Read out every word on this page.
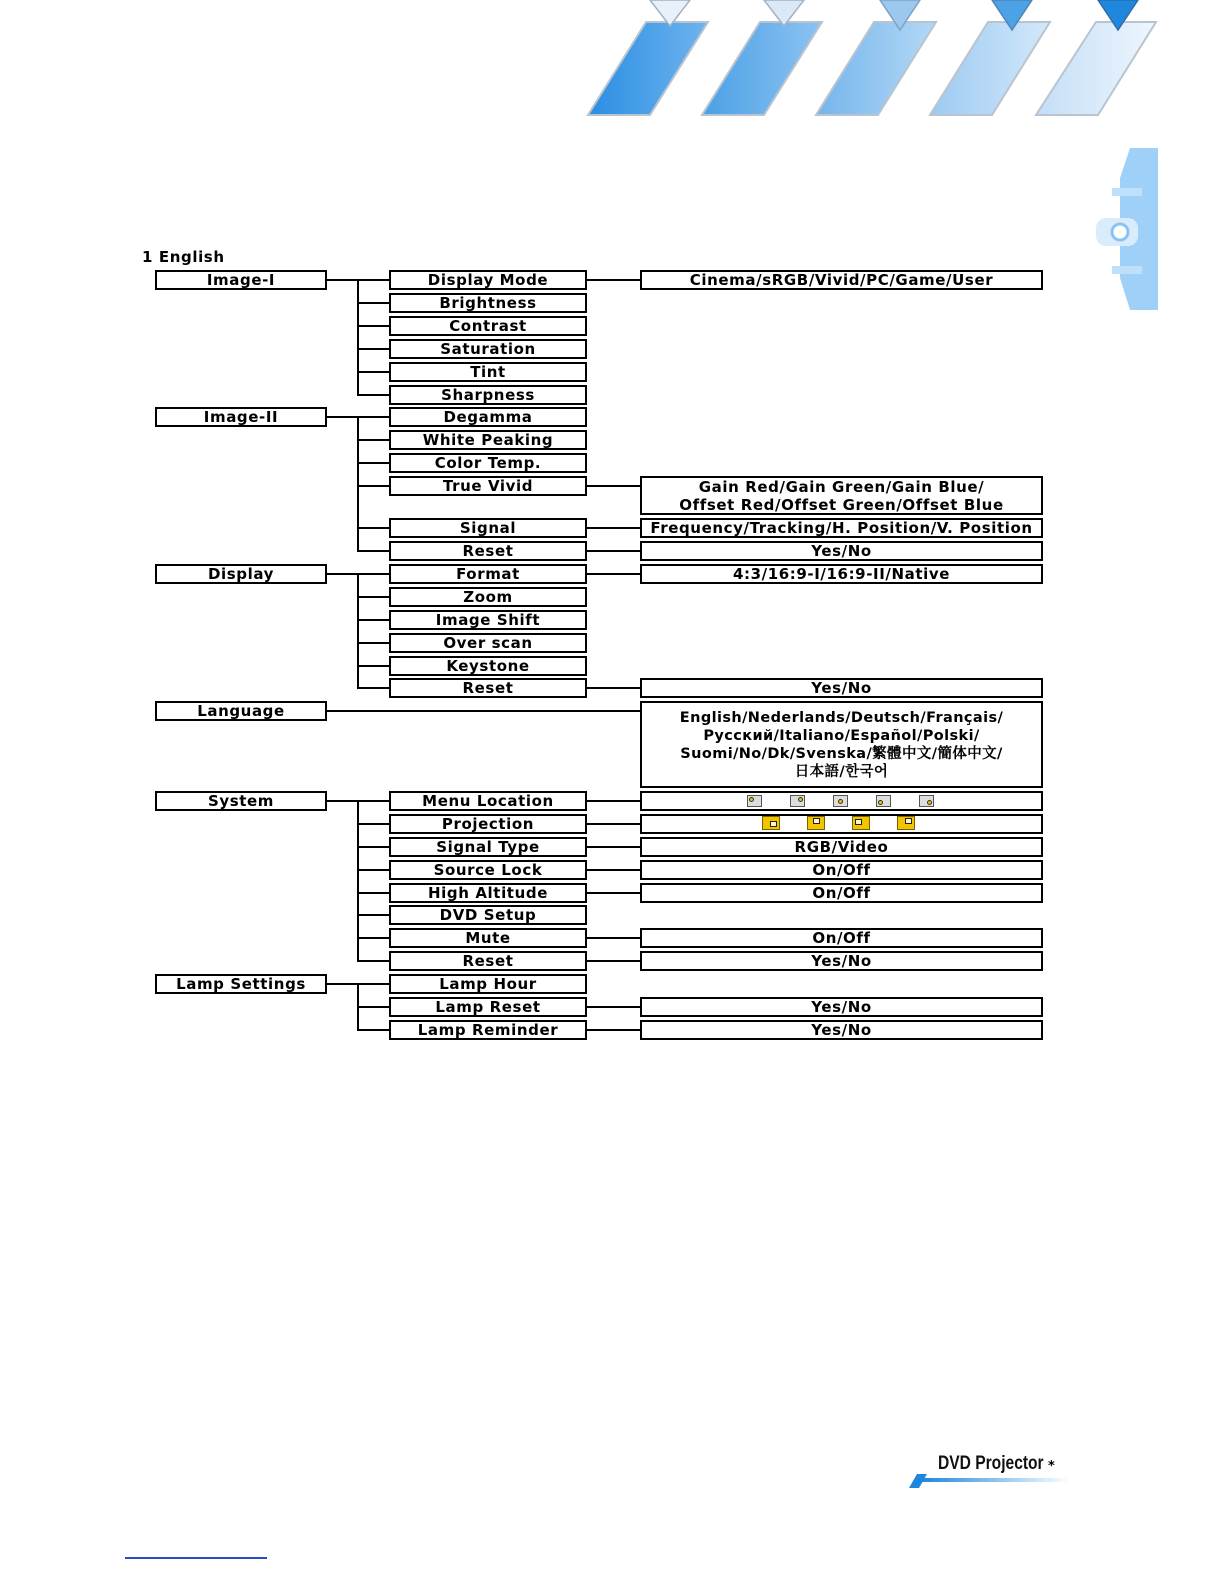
1 English
Image-I
Image-II
Display
Language
System
Lamp Settings
Display Mode
Brightness
Contrast
Saturation
Tint
Sharpness
Degamma
White Peaking
Color Temp.
True Vivid
Signal
Reset
Format
Zoom
Image Shift
Over scan
Keystone
Reset
Menu Location
Projection
Signal Type
Source Lock
High Altitude
DVD Setup
Mute
Reset
Lamp Hour
Lamp Reset
Lamp Reminder
Cinema/sRGB/Vivid/PC/Game/User
Gain Red/Gain Green/Gain Blue/
Offset Red/Offset Green/Offset Blue
Frequency/Tracking/H. Position/V. Position
Yes/No
4:3/16:9-I/16:9-II/Native
Yes/No
English/Nederlands/Deutsch/Français/
Русский/Italiano/Español/Polski/
Suomi/No/Dk/Svenska/繁體中文/簡体中文/
日本語/한국어
RGB/Video
On/Off
On/Off
On/Off
Yes/No
Yes/No
Yes/No
DVD Projector *
